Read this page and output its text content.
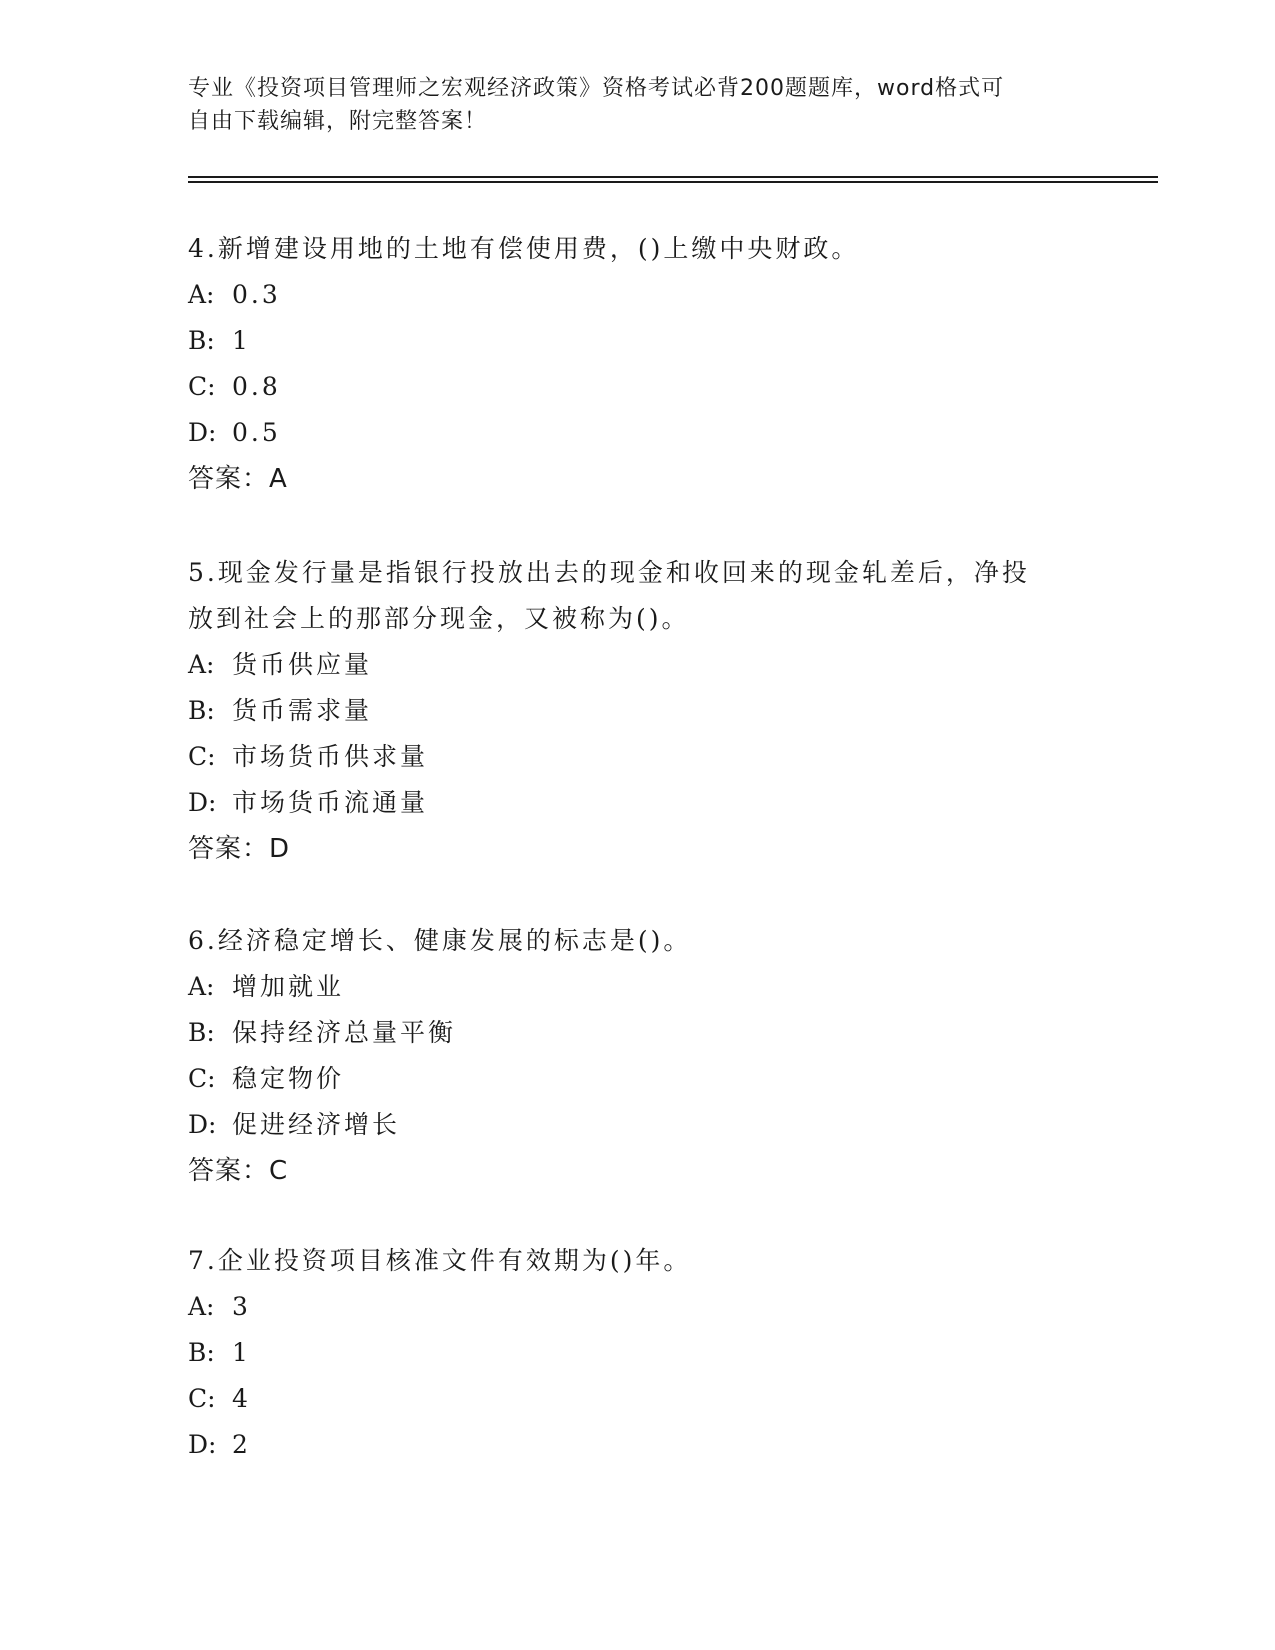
专业《投资项目管理师之宏观经济政策》资格考试必背200题题库，word格式可
自由下载编辑，附完整答案！

4.新增建设用地的土地有偿使用费，()上缴中央财政。

A: 0.3

B: 1

C: 0.8

D: 0.5

答案：A

5.现金发行量是指银行投放出去的现金和收回来的现金轧差后，净投

放到社会上的那部分现金，又被称为()。

A: 货币供应量

B: 货币需求量

C: 市场货币供求量

D: 市场货币流通量

答案：D

6.经济稳定增长、健康发展的标志是()。

A: 增加就业

B: 保持经济总量平衡

C: 稳定物价

D: 促进经济增长

答案：C

7.企业投资项目核准文件有效期为()年。

A: 3

B: 1

C: 4

D: 2
